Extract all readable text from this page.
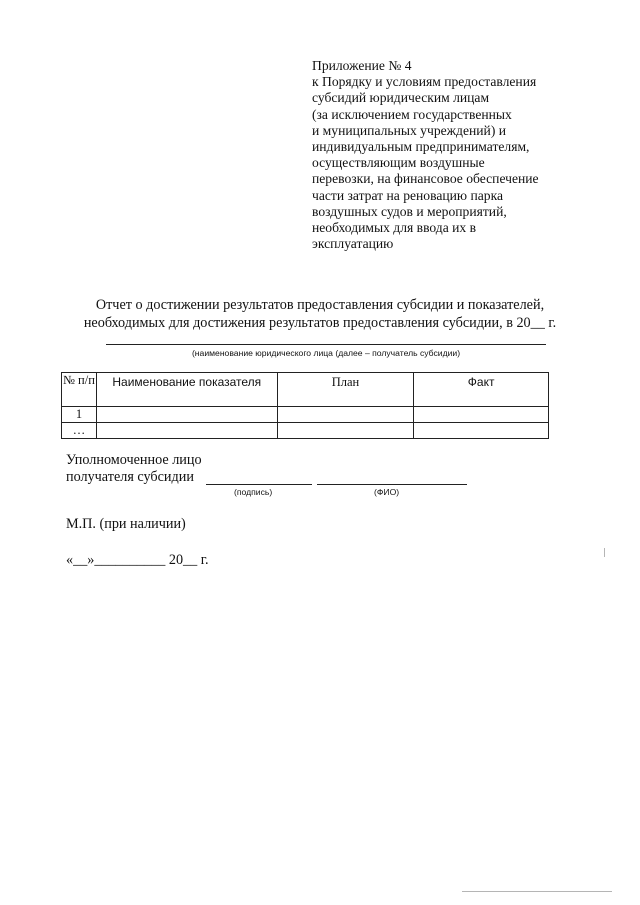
Приложение № 4
к Порядку и условиям предоставления
субсидий юридическим лицам
(за исключением государственных
и муниципальных учреждений) и
индивидуальным предпринимателям,
осуществляющим воздушные
перевозки, на финансовое обеспечение
части затрат на реновацию парка
воздушных судов и мероприятий,
необходимых для ввода их в
эксплуатацию
Отчет о достижении результатов предоставления субсидии и показателей,
необходимых для достижения результатов предоставления субсидии, в 20__ г.
(наименование юридического лица (далее – получатель субсидии)
№ п/п	Наименование показателя	План	Факт
1			
…			
Уполномоченное лицо
получателя субсидии
(подпись)	(ФИО)
М.П. (при наличии)
«__»__________ 20__ г.
